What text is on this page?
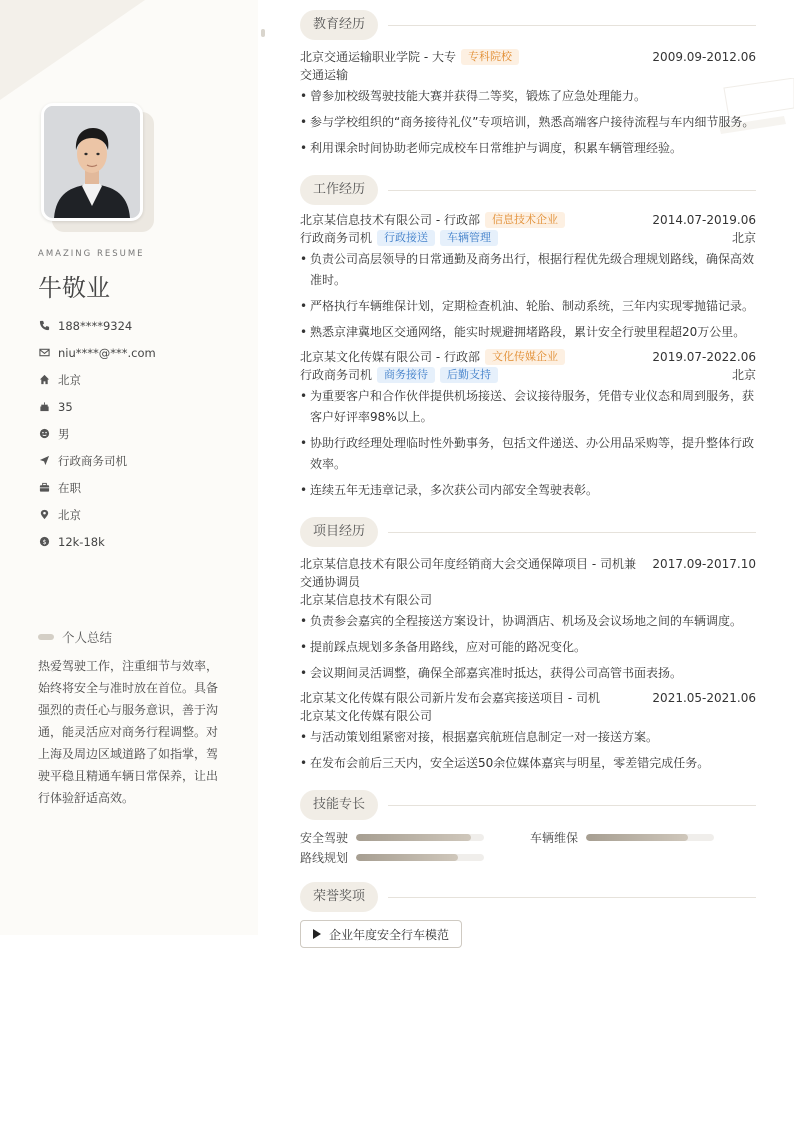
AMAZING RESUME
牛敬业
188****9324
niu****@***.com
北京
35
男
行政商务司机
在职
北京
$ 12k-18k
个人总结
热爱驾驶工作，注重细节与效率，始终将安全与准时放在首位。具备强烈的责任心与服务意识，善于沟通，能灵活应对商务行程调整。对上海及周边区域道路了如指掌，驾驶平稳且精通车辆日常保养，让出行体验舒适高效。
教育经历
北京交通运输职业学院 - 大专	专科院校	2009.09-2012.06
交通运输
• 曾参加校级驾驶技能大赛并获得二等奖，锻炼了应急处理能力。
• 参与学校组织的“商务接待礼仪”专项培训，熟悉高端客户接待流程与车内细节服务。
• 利用课余时间协助老师完成校车日常维护与调度，积累车辆管理经验。
工作经历
北京某信息技术有限公司 - 行政部	信息技术企业	2014.07-2019.06
行政商务司机	行政接送	车辆管理	北京
• 负责公司高层领导的日常通勤及商务出行，根据行程优先级合理规划路线，确保高效准时。
• 严格执行车辆维保计划，定期检查机油、轮胎、制动系统，三年内实现零抛锚记录。
• 熟悉京津冀地区交通网络，能实时规避拥堵路段，累计安全行驶里程超20万公里。
北京某文化传媒有限公司 - 行政部	文化传媒企业	2019.07-2022.06
行政商务司机	商务接待	后勤支持	北京
• 为重要客户和合作伙伴提供机场接送、会议接待服务，凭借专业仪态和周到服务，获客户好评率98%以上。
• 协助行政经理处理临时性外勤事务，包括文件递送、办公用品采购等，提升整体行政效率。
• 连续五年无违章记录，多次获公司内部安全驾驶表彰。
项目经历
北京某信息技术有限公司年度经销商大会交通保障项目 - 司机兼
交通协调员
2017.09-2017.10
北京某信息技术有限公司
• 负责参会嘉宾的全程接送方案设计，协调酒店、机场及会议场地之间的车辆调度。
• 提前踩点规划多条备用路线，应对可能的路况变化。
• 会议期间灵活调整，确保全部嘉宾准时抵达，获得公司高管书面表扬。
北京某文化传媒有限公司新片发布会嘉宾接送项目 - 司机	2021.05-2021.06
北京某文化传媒有限公司
• 与活动策划组紧密对接，根据嘉宾航班信息制定一对一接送方案。
• 在发布会前后三天内，安全运送50余位媒体嘉宾与明星，零差错完成任务。
技能专长
安全驾驶	车辆维保
路线规划
荣誉奖项
企业年度安全行车模范
